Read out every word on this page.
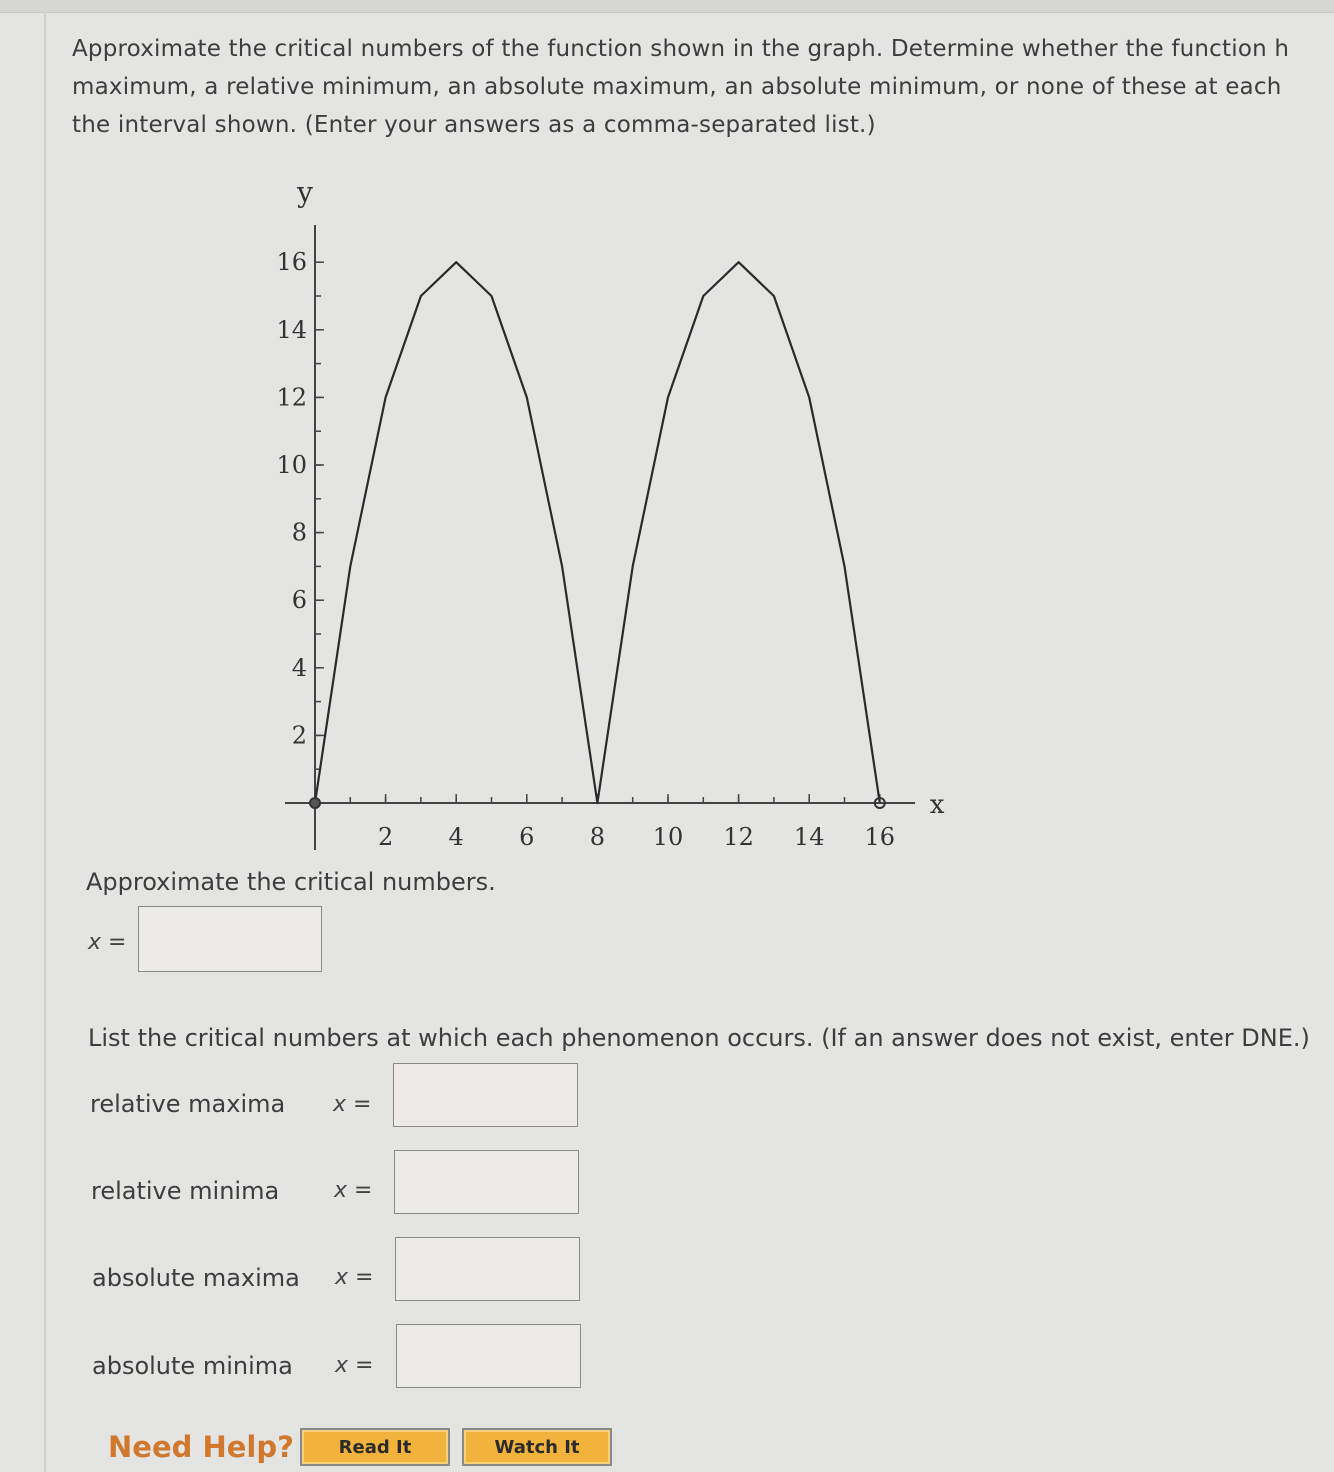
Approximate the critical numbers of the function shown in the graph. Determine whether the function h
maximum, a relative minimum, an absolute maximum, an absolute minimum, or none of these at each
the interval shown. (Enter your answers as a comma-separated list.)
2 4 6 8 10 12 14 16
2
4
6
8
10
12
14
16
x
y
Approximate the critical numbers.
x =
List the critical numbers at which each phenomenon occurs. (If an answer does not exist, enter DNE.)
relative maxima x =
relative minima x =
absolute maxima x =
absolute minima x =
Need Help?	Read It	Watch It
